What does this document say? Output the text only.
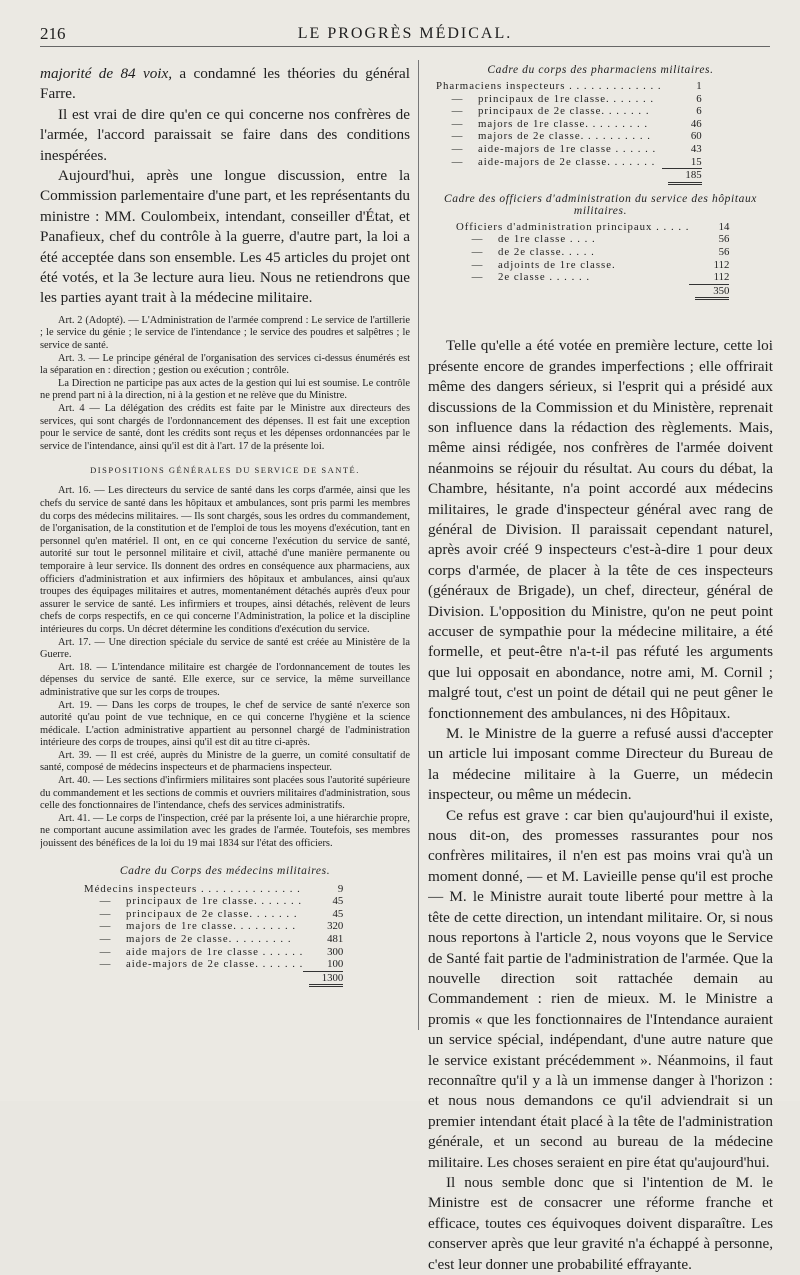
216	LE PROGRÈS MÉDICAL.

majorité de 84 voix, a condamné les théories du général Farre.

Il est vrai de dire qu'en ce qui concerne nos confrères de l'armée, l'accord paraissait se faire dans des conditions inespérées.

Aujourd'hui, après une longue discussion, entre la Commission parlementaire d'une part, et les représentants du ministre : MM. Coulombeix, intendant, conseiller d'État, et Panafieux, chef du contrôle à la guerre, d'autre part, la loi a été acceptée dans son ensemble. Les 45 articles du projet ont été votés, et la 3e lecture aura lieu. Nous ne retiendrons que les parties ayant trait à la médecine militaire.

Art. 2 (Adopté). — L'Administration de l'armée comprend : Le service de l'artillerie ; le service du génie ; le service de l'intendance ; le service des poudres et salpêtres ; le service de santé.

Art. 3. — Le principe général de l'organisation des services ci-dessus énumérés est la séparation en : direction ; gestion ou exécution ; contrôle.

La Direction ne participe pas aux actes de la gestion qui lui est soumise. Le contrôle ne prend part ni à la direction, ni à la gestion et ne relève que du Ministre.

Art. 4 — La délégation des crédits est faite par le Ministre aux directeurs des services, qui sont chargés de l'ordonnancement des dépenses. Il est fait une exception pour le service de santé, dont les crédits sont reçus et les dépenses ordonnancées par le service de l'intendance, ainsi qu'il est dit à l'art. 17 de la présente loi.

DISPOSITIONS GÉNÉRALES DU SERVICE DE SANTÉ.

Art. 16. — Les directeurs du service de santé dans les corps d'armée, ainsi que les chefs du service de santé dans les hôpitaux et ambulances, sont pris parmi les membres du corps des médecins militaires. — Ils sont chargés, sous les ordres du commandement, de l'organisation, de la constitution et de l'emploi de tous les moyens d'exécution, tant en personnel qu'en matériel. Il ont, en ce qui concerne l'exécution du service de santé, autorité sur tout le personnel militaire et civil, attaché d'une manière permanente ou temporaire à leur service. Ils donnent des ordres en conséquence aux pharmaciens, aux officiers d'administration et aux infirmiers des hôpitaux et ambulances, ainsi qu'aux troupes des équipages militaires et autres, momentanément détachés auprès d'eux pour assurer le service de santé. Les infirmiers et troupes, ainsi détachés, relèvent de leurs chefs de corps respectifs, en ce qui concerne l'Administration, la police et la discipline intérieures du corps. Un décret détermine les conditions d'exécution du service.

Art. 17. — Une direction spéciale du service de santé est créée au Ministère de la Guerre.

Art. 18. — L'intendance militaire est chargée de l'ordonnancement de toutes les dépenses du service de santé. Elle exerce, sur ce service, la même surveillance administrative que sur les corps de troupes.

Art. 19. — Dans les corps de troupes, le chef de service de santé n'exerce son autorité qu'au point de vue technique, en ce qui concerne l'hygiène et la science médicale. L'action administrative appartient au personnel chargé de l'administration intérieure des corps de troupes, ainsi qu'il est dit au titre ci-après.

Art. 39. — Il est créé, auprès du Ministre de la guerre, un comité consultatif de santé, composé de médecins inspecteurs et de pharmaciens inspecteur.

Art. 40. — Les sections d'infirmiers militaires sont placées sous l'autorité supérieure du commandement et les sections de commis et ouvriers militaires d'administration, sous celle des fonctionnaires de l'intendance, chefs des services administratifs.

Art. 41. — Le corps de l'inspection, créé par la présente loi, a une hiérarchie propre, ne comportant aucune assimilation avec les grades de l'armée. Toutefois, ses membres jouissent des bénéfices de la loi du 19 mai 1834 sur l'état des officiers.

Cadre du Corps des médecins militaires.
Médecins inspecteurs . . . . . . . . . . . . . .		9
—	principaux de 1re classe. . . . . . .	45
—	principaux de 2e classe. . . . . . .	45
—	majors de 1re classe. . . . . . . . .	320
—	majors de 2e classe. . . . . . . . .	481
—	aide majors de 1re classe . . . . . .	300
—	aide-majors de 2e classe. . . . . . .	100
		1300
Cadre du corps des pharmaciens militaires.
Pharmaciens inspecteurs . . . . . . . . . . . . .		1
—	principaux de 1re classe. . . . . . .	6
—	principaux de 2e classe. . . . . . .	6
—	majors de 1re classe. . . . . . . . .	46
—	majors de 2e classe. . . . . . . . . .	60
—	aide-majors de 1re classe . . . . . .	43
—	aide-majors de 2e classe. . . . . . .	15
		185
Cadre des officiers d'administration du service des hôpitaux militaires.
Officiers d'administration principaux . . . . .		14
—	de 1re classe . . . .	56
—	de 2e classe. . . . .	56
—	adjoints de 1re classe.	112
—	2e classe . . . . . .	112
		350

Telle qu'elle a été votée en première lecture, cette loi présente encore de grandes imperfections ; elle offrirait même des dangers sérieux, si l'esprit qui a présidé aux discussions de la Commission et du Ministère, reprenait son influence dans la rédaction des règlements. Mais, même ainsi rédigée, nos confrères de l'armée doivent néanmoins se réjouir du résultat. Au cours du débat, la Chambre, hésitante, n'a point accordé aux médecins militaires, le grade d'inspecteur général avec rang de général de Division. Il paraissait cependant naturel, après avoir créé 9 inspecteurs c'est-à-dire 1 pour deux corps d'armée, de placer à la tête de ces inspecteurs (généraux de Brigade), un chef, directeur, général de Division. L'opposition du Ministre, qu'on ne peut point accuser de sympathie pour la médecine militaire, a été formelle, et peut-être n'a-t-il pas réfuté les arguments que lui opposait en abondance, notre ami, M. Cornil ; malgré tout, c'est un point de détail qui ne peut gêner le fonctionnement des ambulances, ni des Hôpitaux.

M. le Ministre de la guerre a refusé aussi d'accepter un article lui imposant comme Directeur du Bureau de la médecine militaire à la Guerre, un médecin inspecteur, ou même un médecin.

Ce refus est grave : car bien qu'aujourd'hui il existe, nous dit-on, des promesses rassurantes pour nos confrères militaires, il n'en est pas moins vrai qu'à un moment donné, — et M. Lavieille pense qu'il est proche — M. le Ministre aurait toute liberté pour mettre à la tête de cette direction, un intendant militaire. Or, si nous nous reportons à l'article 2, nous voyons que le Service de Santé fait partie de l'administration de l'armée. Que la nouvelle direction soit rattachée demain au Commandement : rien de mieux. M. le Ministre a promis « que les fonctionnaires de l'Intendance auraient un service spécial, indépendant, d'une autre nature que le service existant précédemment ». Néanmoins, il faut reconnaître qu'il y a là un immense danger à l'horizon : et nous nous demandons ce qu'il adviendrait si un premier intendant était placé à la tête de l'administration générale, et un second au bureau de la médecine militaire. Les choses seraient en pire état qu'aujourd'hui.

Il nous semble donc que si l'intention de M. le Ministre est de consacrer une réforme franche et efficace, toutes ces équivoques doivent disparaître. Les conserver après que leur gravité n'a échappé à personne, c'est leur donner une probabilité effrayante.
